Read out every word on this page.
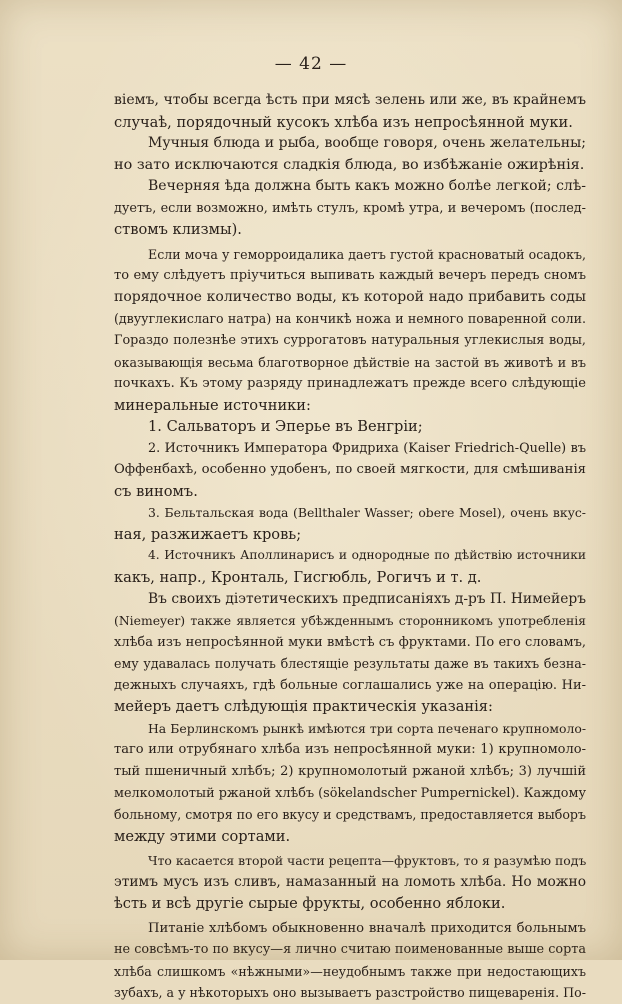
— 42 —
віемъ, чтобы всегда ѣсть при мясѣ зелень или же, въ крайнемъ
случаѣ, порядочный кусокъ хлѣба изъ непросѣянной муки.
Мучныя блюда и рыба, вообще говоря, очень желательны;
но зато исключаются сладкія блюда, во избѣжаніе ожирѣнія.
Вечерняя ѣда должна быть какъ можно болѣе легкой; слѣ-
дуетъ, если возможно, имѣть стулъ, кромѣ утра, и вечеромъ (послед-
ствомъ клизмы).
Если моча у геморроидалика даетъ густой красноватый осадокъ,
то ему слѣдуетъ пріучиться выпивать каждый вечеръ передъ сномъ
порядочное количество воды, къ которой надо прибавить соды
(двууглекислаго натра) на кончикѣ ножа и немного поваренной соли.
Гораздо полезнѣе этихъ суррогатовъ натуральныя углекислыя воды,
оказывающія весьма благотворное дѣйствіе на застой въ животѣ и въ
почкахъ. Къ этому разряду принадлежатъ прежде всего слѣдующіе
минеральные источники:
1. Сальваторъ и Эперье въ Венгріи;
2. Источникъ Императора Фридриха (Kaiser Friedrich-Quelle) въ
Оффенбахѣ, особенно удобенъ, по своей мягкости, для смѣшиванія
съ виномъ.
3. Бельтальская вода (Bellthaler Wasser; obere Mosel), очень вкус-
ная, разжижаетъ кровь;
4. Источникъ Аполлинарисъ и однородные по дѣйствію источники
какъ, напр., Кронталь, Гисгюбль, Рогичъ и т. д.
Въ своихъ діэтетическихъ предписаніяхъ д-ръ П. Нимейеръ
(Niemeyer) также является убѣжденнымъ сторонникомъ употребленія
хлѣба изъ непросѣянной муки вмѣстѣ съ фруктами. По его словамъ,
ему удавалась получать блестящіе результаты даже въ такихъ безна-
дежныхъ случаяхъ, гдѣ больные соглашались уже на операцію. Ни-
мейеръ даетъ слѣдующія практическія указанія:
На Берлинскомъ рынкѣ имѣются три сорта печенаго крупномоло-
таго или отрубянаго хлѣба изъ непросѣянной муки: 1) крупномоло-
тый пшеничный хлѣбъ; 2) крупномолотый ржаной хлѣбъ; 3) лучшій
мелкомолотый ржаной хлѣбъ (sökelandscher Pumpernickel). Каждому
больному, смотря по его вкусу и средствамъ, предоставляется выборъ
между этими сортами.
Что касается второй части рецепта—фруктовъ, то я разумѣю подъ
этимъ мусъ изъ сливъ, намазанный на ломоть хлѣба. Но можно
ѣсть и всѣ другіе сырые фрукты, особенно яблоки.
Питаніе хлѣбомъ обыкновенно вначалѣ приходится больнымъ
не совсѣмъ-то по вкусу—я лично считаю поименованные выше сорта
хлѣба слишкомъ «нѣжными»—неудобнымъ также при недостающихъ
зубахъ, а у нѣкоторыхъ оно вызываетъ разстройство пищеваренія. По-
